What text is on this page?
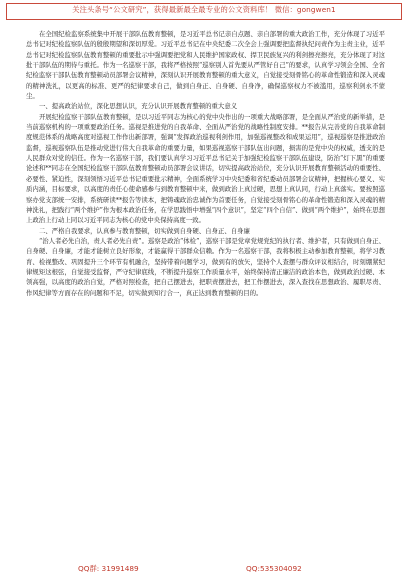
关注头条号“公文研究”，获得最新最全最专业的公文资料库！ 微信：gongwen1

在全国纪检监察系统集中开展干部队伍教育整顿，是习近平总书记亲自点题、亲自部署的重大政治工作，充分体现了习近平总书记对纪检监察队伍的殷殷期望和深切厚爱。习近平总书记在中央纪委二次全会上强调要把监督执纪问责作为主责主业，近平总书记对纪检监察队伍教育整顿的重要批示中强调要把党和人民维护国家政权、捍卫民族复兴的利剑擦亮擦亮，充分体现了对这批干部队伍的期待与重托。作为一名巡察干部，我将严格按照“巡察别人首先要从严管好自己”的要求，认真学习领会全国、全省纪检监察干部队伍教育整顿动员部署会议精神，深刻认识开展教育整顿的重大意义，自觉接受刻骨铭心的革命性锻造和深入灵魂的精神洗礼，以更高的标准、更严的纪律要求自己，做到自身正、自身硬、自身净，确保巡察权力不被滥用，巡察利剑永不蒙尘。

一、提高政治站位，深化思想认识，充分认识开展教育整顿的重大意义

开展纪检监察干部队伍教育整顿，是以习近平同志为核心的党中央作出的一项重大战略部署，是全面从严治党的新举措，是当前巡察机构的一项重要政治任务。巡视是推进党的自我革命、全面从严治党的战略性制度安排。**报告从完善党的自我革命制度规范体系的战略高度对巡视工作作出新部署，强调“发挥政治巡视利剑作用，加强巡视整改和成果运用”，巡视巡察是推进政治监督，巡视巡察队伍是推动党进行伟大自我革命的重要力量，如果巡视巡察干部队伍出问题，损害的是党中央的权威，透支的是人民群众对党的信任。作为一名巡察干部，我们要认真学习习近平总书记关于加强纪检监察干部队伍建设，防治“灯下黑”的重要论述和**同志在全国纪检监察干部队伍教育整顿动员部署会议讲话，切实提高政治站位，充分认识开展教育整顿活动的重要性、必要性、紧迫性，深刻领悟习近平总书记重要批示精神，全面系统学习中央纪委和省纪委动员部署会议精神，把握核心要义、实质内涵，目标要求，以高度的责任心使命感参与到教育整顿中来，做到政治上真过硬，思想上真认同，行动上真落实。要按照巡察办党支部统一安排，系统研读**报告等读本，把铸魂政治忠诚作为首要任务，自觉接受刻骨铭心的革命性锻造和深入灵魂的精神洗礼，把践行“两个维护”作为根本政治任务，在学思践悟中增强“四个意识”，坚定“四个自信”、做到“两个维护”，始终在思想上政治上行动上同以习近平同志为核心的党中央保持高度一致。

二、严格自我要求，认真参与教育整顿，切实做到自身硬、自身正、自身廉

“治人者必先自治，责人者必先自责”。巡察是政治“体检”，巡察干部是党章党规党纪的执行者、维护者，只有做到自身正、自身硬、自身廉，才能才能树立良好形象，才能赢得干部群众信赖。作为一名巡察干部，我将积极主动参加教育整顿，将学习教育、检视整改、巩固提升三个环节有机融合，坚持带着问题学习，做到有的放矢，坚持个人查摆与群众评议相结合，时刻绷紧纪律规矩这根弦，自觉接受监督，严守纪律底线，不断提升巡察工作质量水平，始终保持清正廉洁的政治本色，做到政治过硬、本领高强，以高度的政治自觉，严格对照检查，把自己摆进去，把职责摆进去，把工作摆进去，深入查找在思想政治、履职尽责、作风纪律等方面存在的问题和不足，切实做到知行合一，真正达到教育整顿的目的。

QQ群: 31991489	QQ:535304092
